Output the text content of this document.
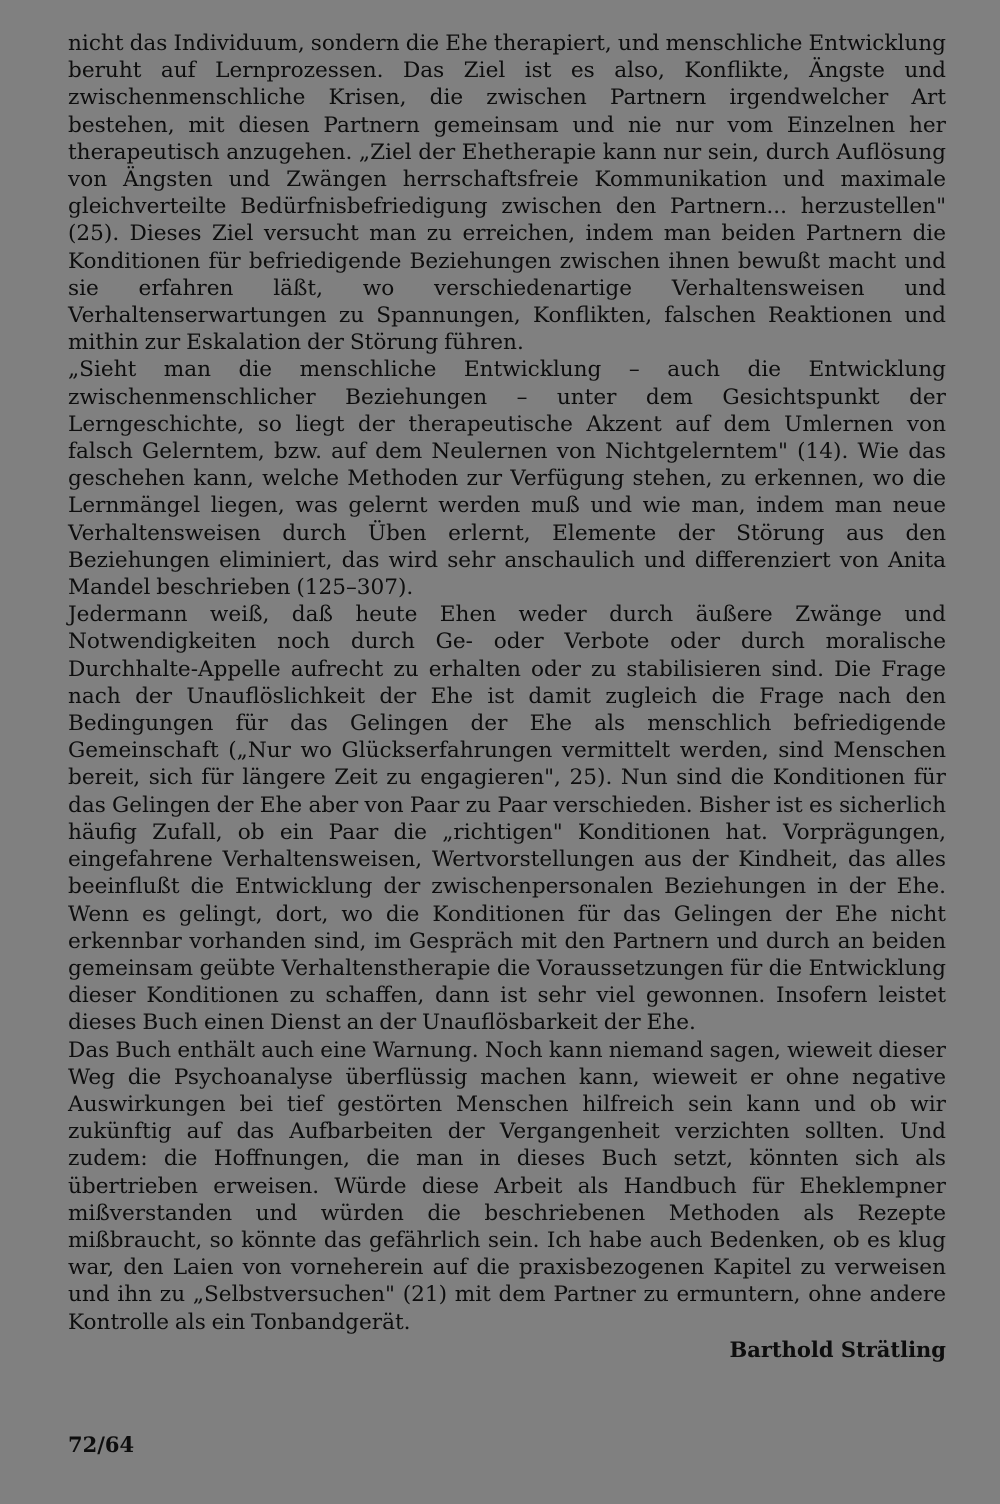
nicht das Individuum, sondern die Ehe therapiert, und menschliche Entwicklung beruht auf Lernprozessen. Das Ziel ist es also, Konflikte, Ängste und zwischenmenschliche Krisen, die zwischen Partnern irgendwelcher Art bestehen, mit diesen Partnern gemeinsam und nie nur vom Einzelnen her therapeutisch anzugehen. „Ziel der Ehetherapie kann nur sein, durch Auflösung von Ängsten und Zwängen herrschaftsfreie Kommunikation und maximale gleichverteilte Bedürfnisbefriedigung zwischen den Partnern... herzustellen" (25). Dieses Ziel versucht man zu erreichen, indem man beiden Partnern die Konditionen für befriedigende Beziehungen zwischen ihnen bewußt macht und sie erfahren läßt, wo verschiedenartige Verhaltensweisen und Verhaltenserwartungen zu Spannungen, Konflikten, falschen Reaktionen und mithin zur Eskalation der Störung führen.

„Sieht man die menschliche Entwicklung – auch die Entwicklung zwischenmenschlicher Beziehungen – unter dem Gesichtspunkt der Lerngeschichte, so liegt der therapeutische Akzent auf dem Umlernen von falsch Gelerntem, bzw. auf dem Neulernen von Nichtgelerntem" (14). Wie das geschehen kann, welche Methoden zur Verfügung stehen, zu erkennen, wo die Lernmängel liegen, was gelernt werden muß und wie man, indem man neue Verhaltensweisen durch Üben erlernt, Elemente der Störung aus den Beziehungen eliminiert, das wird sehr anschaulich und differenziert von Anita Mandel beschrieben (125–307).

Jedermann weiß, daß heute Ehen weder durch äußere Zwänge und Notwendigkeiten noch durch Ge- oder Verbote oder durch moralische Durchhalte-Appelle aufrecht zu erhalten oder zu stabilisieren sind. Die Frage nach der Unauflöslichkeit der Ehe ist damit zugleich die Frage nach den Bedingungen für das Gelingen der Ehe als menschlich befriedigende Gemeinschaft („Nur wo Glückserfahrungen vermittelt werden, sind Menschen bereit, sich für längere Zeit zu engagieren", 25). Nun sind die Konditionen für das Gelingen der Ehe aber von Paar zu Paar verschieden. Bisher ist es sicherlich häufig Zufall, ob ein Paar die „richtigen" Konditionen hat. Vorprägungen, eingefahrene Verhaltensweisen, Wertvorstellungen aus der Kindheit, das alles beeinflußt die Entwicklung der zwischenpersonalen Beziehungen in der Ehe. Wenn es gelingt, dort, wo die Konditionen für das Gelingen der Ehe nicht erkennbar vorhanden sind, im Gespräch mit den Partnern und durch an beiden gemeinsam geübte Verhaltenstherapie die Voraussetzungen für die Entwicklung dieser Konditionen zu schaffen, dann ist sehr viel gewonnen. Insofern leistet dieses Buch einen Dienst an der Unauflösbarkeit der Ehe.

Das Buch enthält auch eine Warnung. Noch kann niemand sagen, wieweit dieser Weg die Psychoanalyse überflüssig machen kann, wieweit er ohne negative Auswirkungen bei tief gestörten Menschen hilfreich sein kann und ob wir zukünftig auf das Aufbarbeiten der Vergangenheit verzichten sollten. Und zudem: die Hoffnungen, die man in dieses Buch setzt, könnten sich als übertrieben erweisen. Würde diese Arbeit als Handbuch für Eheklempner mißverstanden und würden die beschriebenen Methoden als Rezepte mißbraucht, so könnte das gefährlich sein. Ich habe auch Bedenken, ob es klug war, den Laien von vorneherein auf die praxisbezogenen Kapitel zu verweisen und ihn zu „Selbstversuchen" (21) mit dem Partner zu ermuntern, ohne andere Kontrolle als ein Tonbandgerät.

Barthold Strätling

72/64
